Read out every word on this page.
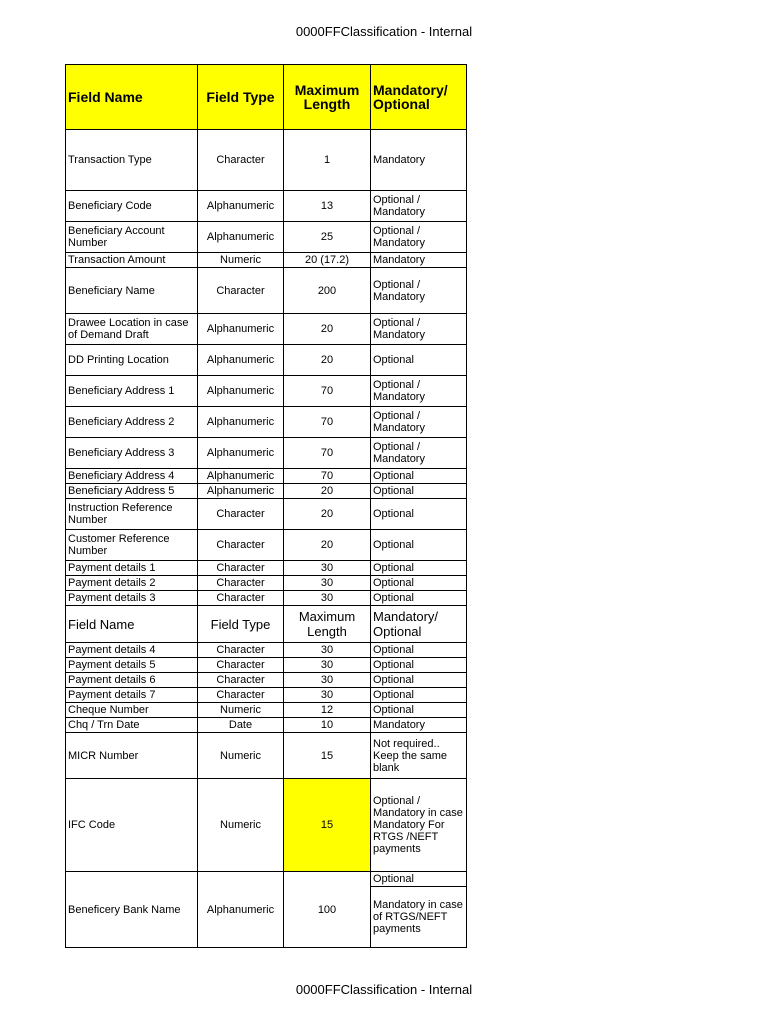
0000FFClassification - Internal
Field Name	Field Type	Maximum Length	Mandatory/ Optional
Transaction Type	Character	1	Mandatory
Beneficiary Code	Alphanumeric	13	Optional / Mandatory
Beneficiary Account Number	Alphanumeric	25	Optional / Mandatory
Transaction Amount	Numeric	20 (17.2)	Mandatory
Beneficiary Name	Character	200	Optional / Mandatory
Drawee Location in case of Demand Draft	Alphanumeric	20	Optional / Mandatory
DD Printing Location	Alphanumeric	20	Optional
Beneficiary Address 1	Alphanumeric	70	Optional / Mandatory
Beneficiary Address 2	Alphanumeric	70	Optional / Mandatory
Beneficiary Address 3	Alphanumeric	70	Optional / Mandatory
Beneficiary Address 4	Alphanumeric	70	Optional
Beneficiary Address 5	Alphanumeric	20	Optional
Instruction Reference Number	Character	20	Optional
Customer Reference Number	Character	20	Optional
Payment details 1	Character	30	Optional
Payment details 2	Character	30	Optional
Payment details 3	Character	30	Optional
Field Name	Field Type	Maximum Length	Mandatory/ Optional
Payment details 4	Character	30	Optional
Payment details 5	Character	30	Optional
Payment details 6	Character	30	Optional
Payment details 7	Character	30	Optional
Cheque Number	Numeric	12	Optional
Chq / Trn Date	Date	10	Mandatory
MICR Number	Numeric	15	Not required.. Keep the same blank
IFC Code	Numeric	15	Optional / Mandatory in case Mandatory For RTGS /NEFT payments
Beneficery Bank Name	Alphanumeric	100	Optional
			Mandatory in case of RTGS/NEFT payments
0000FFClassification - Internal
